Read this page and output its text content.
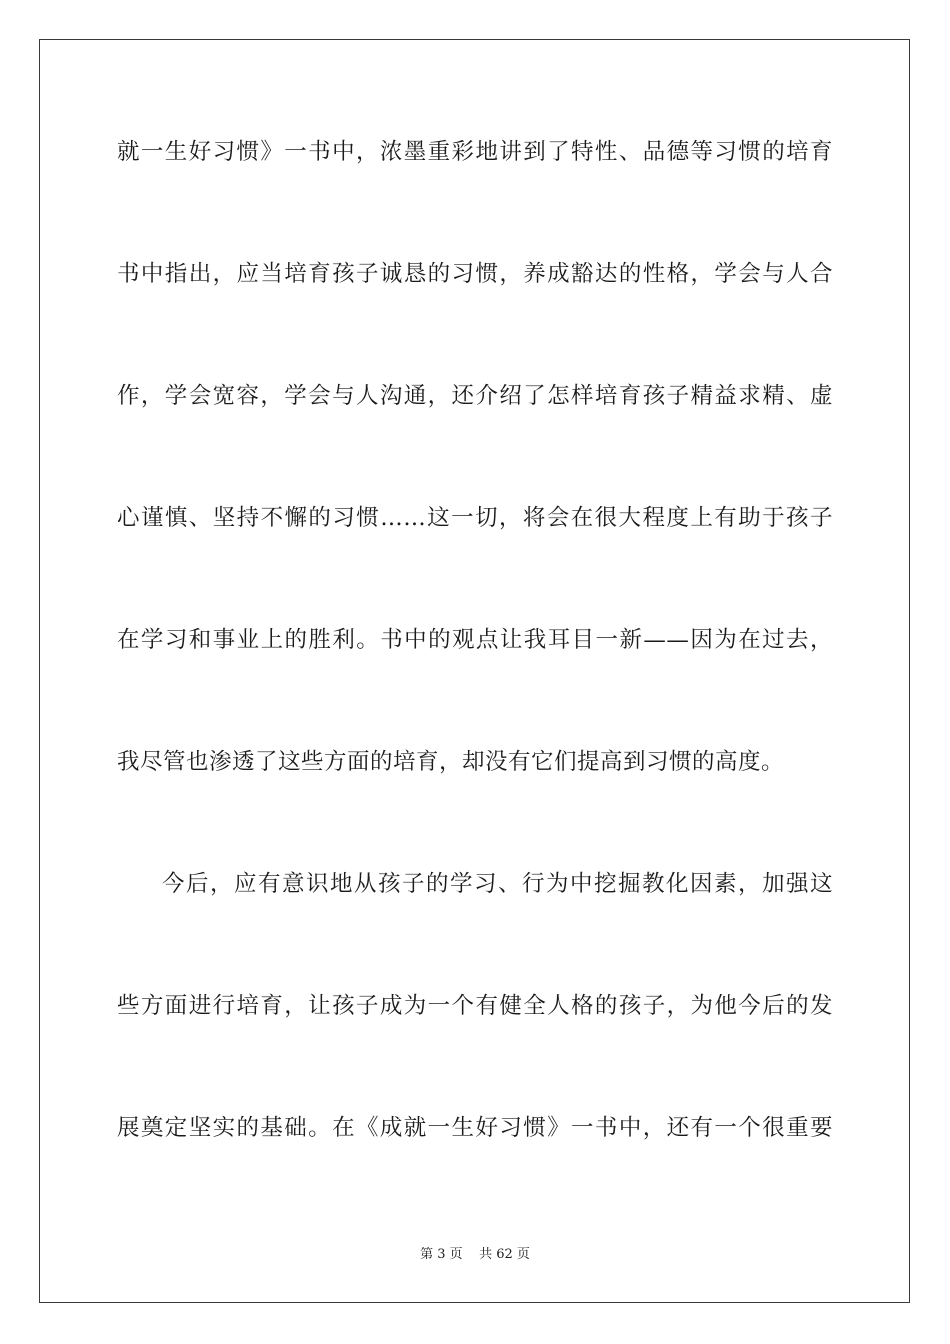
就一生好习惯》一书中，浓墨重彩地讲到了特性、品德等习惯的培育
书中指出，应当培育孩子诚恳的习惯，养成豁达的性格，学会与人合
作，学会宽容，学会与人沟通，还介绍了怎样培育孩子精益求精、虚
心谨慎、坚持不懈的习惯……这一切，将会在很大程度上有助于孩子
在学习和事业上的胜利。书中的观点让我耳目一新——因为在过去，
我尽管也渗透了这些方面的培育，却没有它们提高到习惯的高度。
今后，应有意识地从孩子的学习、行为中挖掘教化因素，加强这
些方面进行培育，让孩子成为一个有健全人格的孩子，为他今后的发
展奠定坚实的基础。在《成就一生好习惯》一书中，还有一个很重要
第 3 页    共 62 页
